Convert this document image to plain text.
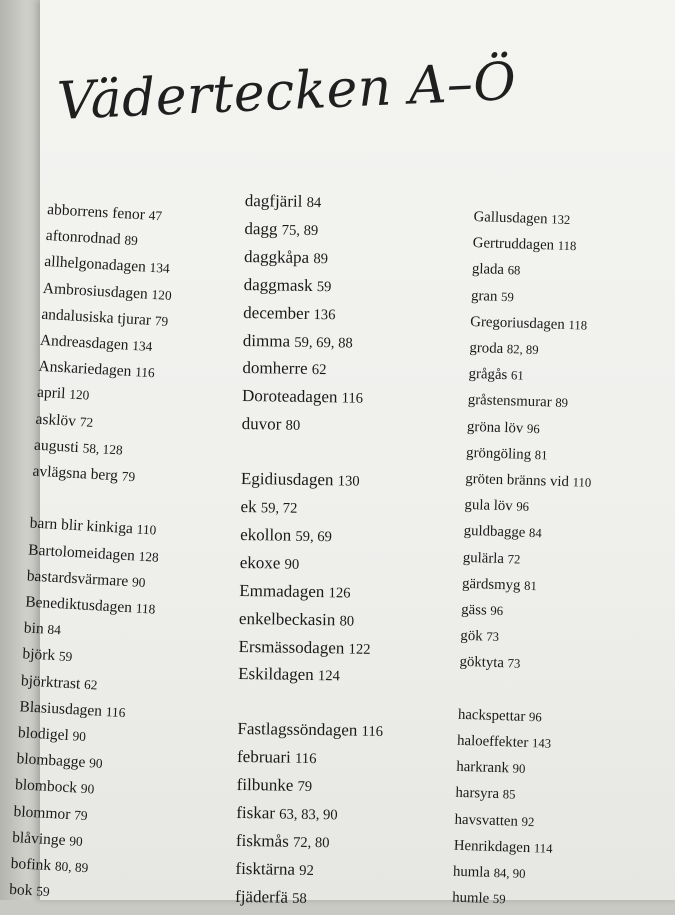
Vädertecken A–Ö
abborrens fenor 47
aftonrodnad 89
allhelgonadagen 134
Ambrosiusdagen 120
andalusiska tjurar 79
Andreasdagen 134
Anskariedagen 116
april 120
asklöv 72
augusti 58, 128
avlägsna berg 79
barn blir kinkiga 110
Bartolomeidagen 128
bastardsvärmare 90
Benediktusdagen 118
bin 84
björk 59
björktrast 62
Blasiusdagen 116
blodigel 90
blombagge 90
blombock 90
blommor 79
blåvinge 90
bofink 80, 89
bok 59
dagfjäril 84
dagg 75, 89
daggkåpa 89
daggmask 59
december 136
dimma 59, 69, 88
domherre 62
Doroteadagen 116
duvor 80
Egidiusdagen 130
ek 59, 72
ekollon 59, 69
ekoxe 90
Emmadagen 126
enkelbeckasin 80
Ersmässodagen 122
Eskildagen 124
Fastlagssöndagen 116
februari 116
filbunke 79
fiskar 63, 83, 90
fiskmås 72, 80
fisktärna 92
fjäderfä 58
Gallusdagen 132
Gertruddagen 118
glada 68
gran 59
Gregoriusdagen 118
groda 82, 89
grågås 61
gråstensmurar 89
gröna löv 96
gröngöling 81
gröten bränns vid 110
gula löv 96
guldbagge 84
gulärla 72
gärdsmyg 81
gäss 96
gök 73
göktyta 73
hackspettar 96
haloeffekter 143
harkrank 90
harsyra 85
havsvatten 92
Henrikdagen 114
humla 84, 90
humle 59
